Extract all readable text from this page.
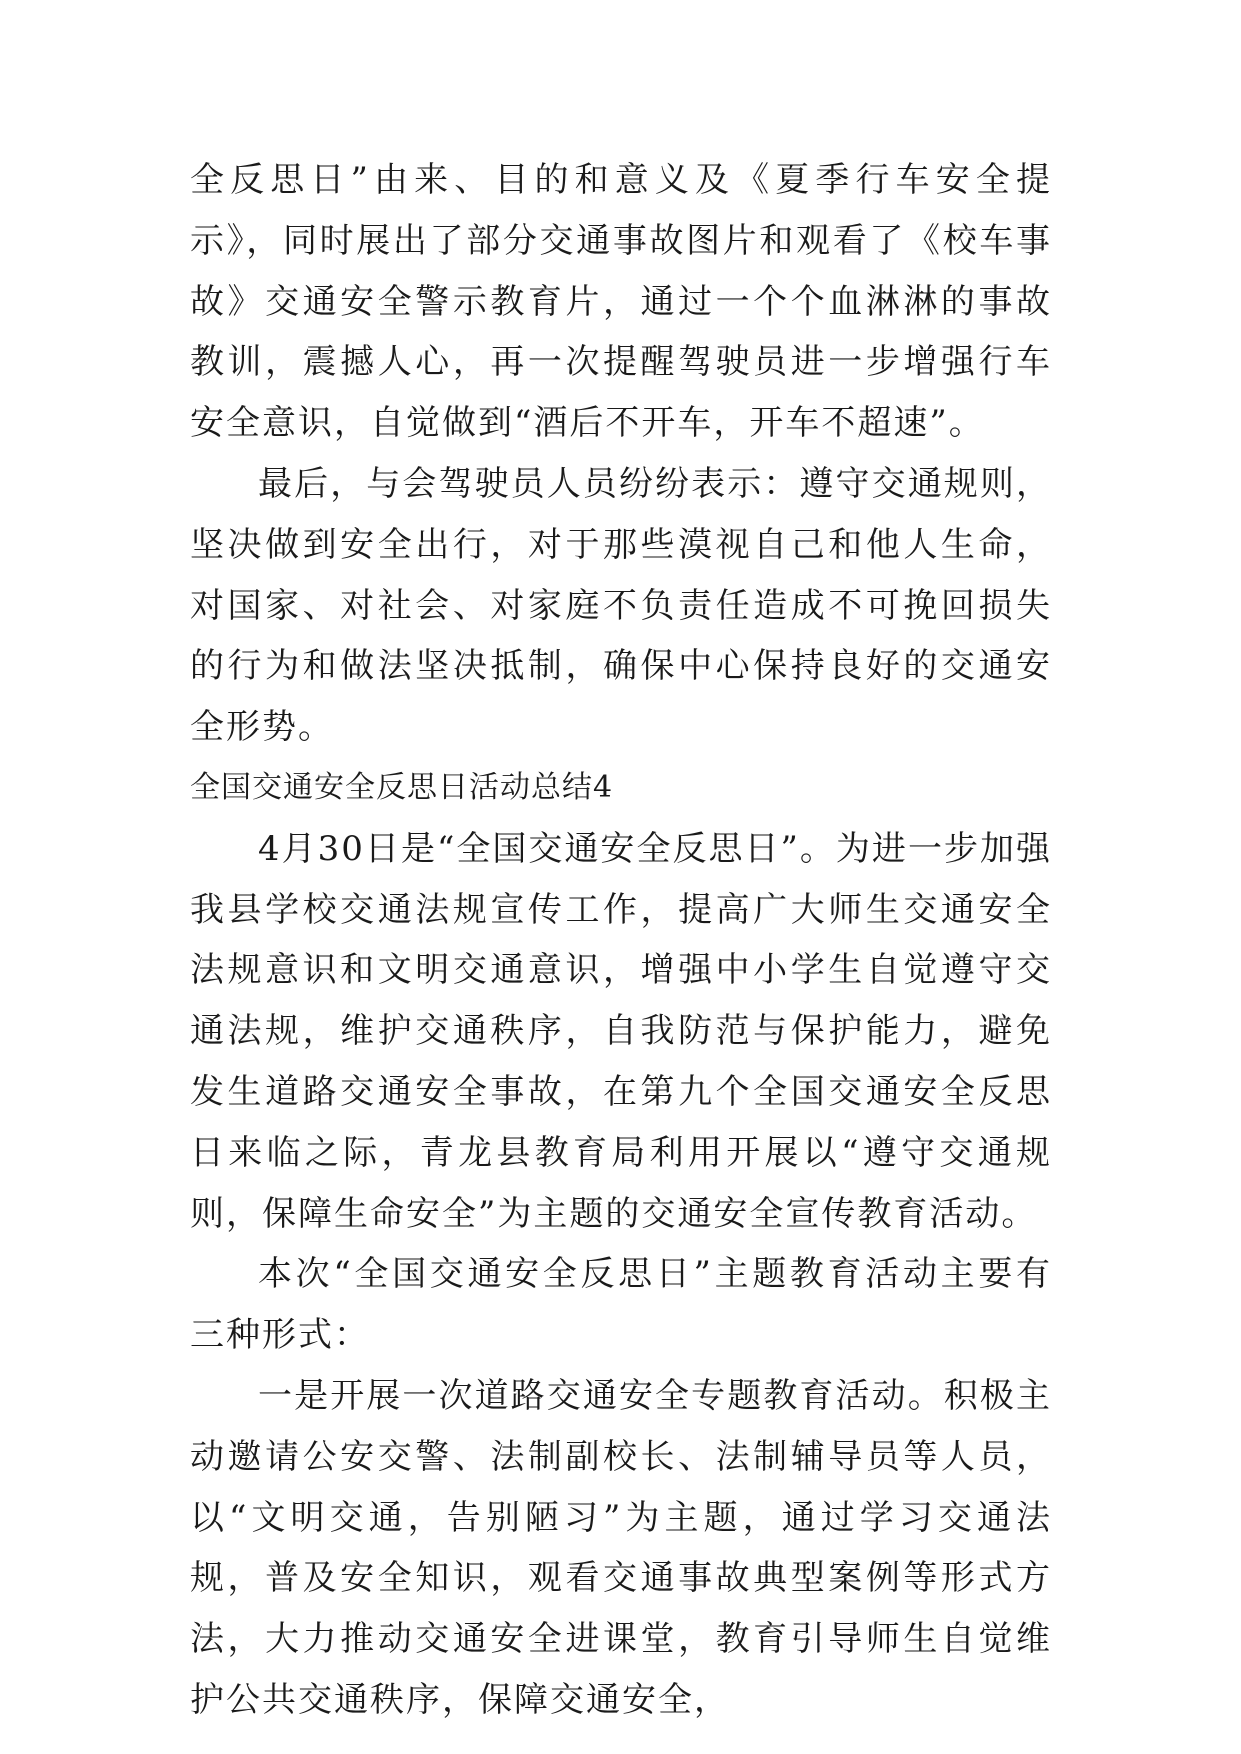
全反思日”由来、目的和意义及《夏季行车安全提示》，同时展出了部分交通事故图片和观看了《校车事故》交通安全警示教育片，通过一个个血淋淋的事故教训，震撼人心，再一次提醒驾驶员进一步增强行车安全意识，自觉做到“酒后不开车，开车不超速”。

最后，与会驾驶员人员纷纷表示：遵守交通规则，坚决做到安全出行，对于那些漠视自己和他人生命，对国家、对社会、对家庭不负责任造成不可挽回损失的行为和做法坚决抵制，确保中心保持良好的交通安全形势。

全国交通安全反思日活动总结4

4月30日是“全国交通安全反思日”。为进一步加强我县学校交通法规宣传工作，提高广大师生交通安全法规意识和文明交通意识，增强中小学生自觉遵守交通法规，维护交通秩序，自我防范与保护能力，避免发生道路交通安全事故，在第九个全国交通安全反思日来临之际，青龙县教育局利用开展以“遵守交通规则，保障生命安全”为主题的交通安全宣传教育活动。

本次“全国交通安全反思日”主题教育活动主要有三种形式：

一是开展一次道路交通安全专题教育活动。积极主动邀请公安交警、法制副校长、法制辅导员等人员，以“文明交通，告别陋习”为主题，通过学习交通法规，普及安全知识，观看交通事故典型案例等形式方法，大力推动交通安全进课堂，教育引导师生自觉维护公共交通秩序，保障交通安全，
